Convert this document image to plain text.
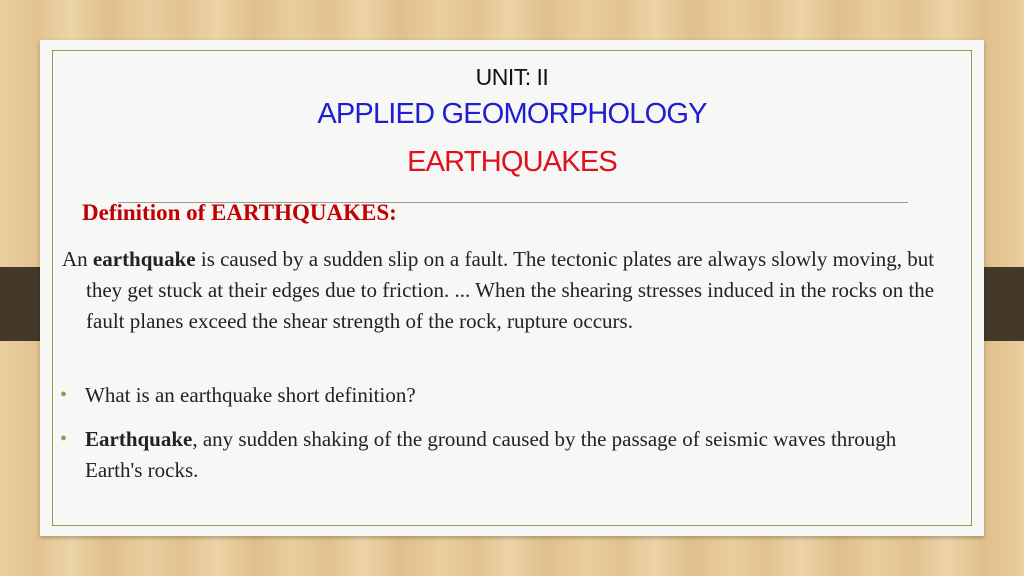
UNIT: II

APPLIED GEOMORPHOLOGY

EARTHQUAKES

Definition of EARTHQUAKES:

An earthquake is caused by a sudden slip on a fault. The tectonic plates are always slowly moving, but they get stuck at their edges due to friction. ... When the shearing stresses induced in the rocks on the fault planes exceed the shear strength of the rock, rupture occurs.

• What is an earthquake short definition?
• Earthquake, any sudden shaking of the ground caused by the passage of seismic waves through Earth's rocks.
